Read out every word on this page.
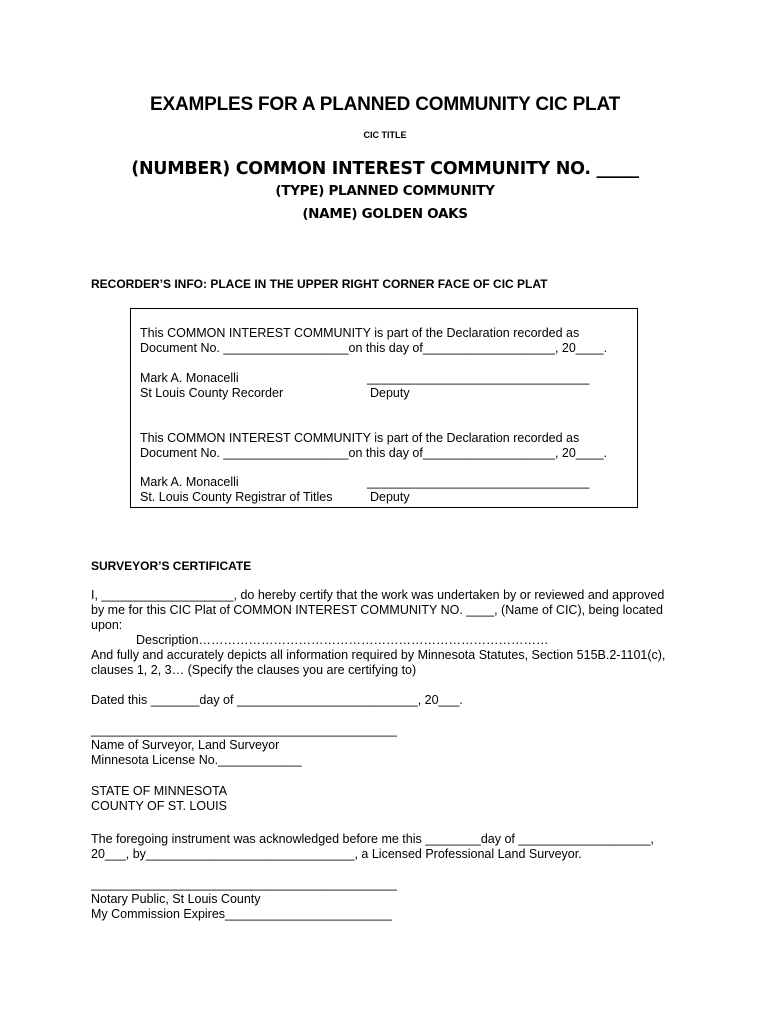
EXAMPLES FOR A PLANNED COMMUNITY CIC PLAT
CIC TITLE
(NUMBER) COMMON INTEREST COMMUNITY NO. _____
(TYPE) PLANNED COMMUNITY
(NAME) GOLDEN OAKS
RECORDER’S INFO: PLACE IN THE UPPER RIGHT CORNER FACE OF CIC PLAT
This COMMON INTEREST COMMUNITY is part of the Declaration recorded as
Document No. __________________on this day of___________________, 20____.
Mark A. Monacelli
St Louis County Recorder
________________________________
Deputy
This COMMON INTEREST COMMUNITY is part of the Declaration recorded as
Document No. __________________on this day of___________________, 20____.
Mark A. Monacelli
St. Louis County Registrar of Titles
________________________________
Deputy
SURVEYOR’S CERTIFICATE
I, ___________________, do hereby certify that the work was undertaken by or reviewed and approved
by me for this CIC Plat of COMMON INTEREST COMMUNITY NO. ____, (Name of CIC), being located
upon:
Description…………………………………………………………………………
And fully and accurately depicts all information required by Minnesota Statutes, Section 515B.2-1101(c),
clauses 1, 2, 3… (Specify the clauses you are certifying to)
Dated this _______day of __________________________, 20___.
____________________________________________
Name of Surveyor, Land Surveyor
Minnesota License No.____________
STATE OF MINNESOTA
COUNTY OF ST. LOUIS
The foregoing instrument was acknowledged before me this ________day of ___________________,
20___, by______________________________, a Licensed Professional Land Surveyor.
____________________________________________
Notary Public, St Louis County
My Commission Expires________________________
